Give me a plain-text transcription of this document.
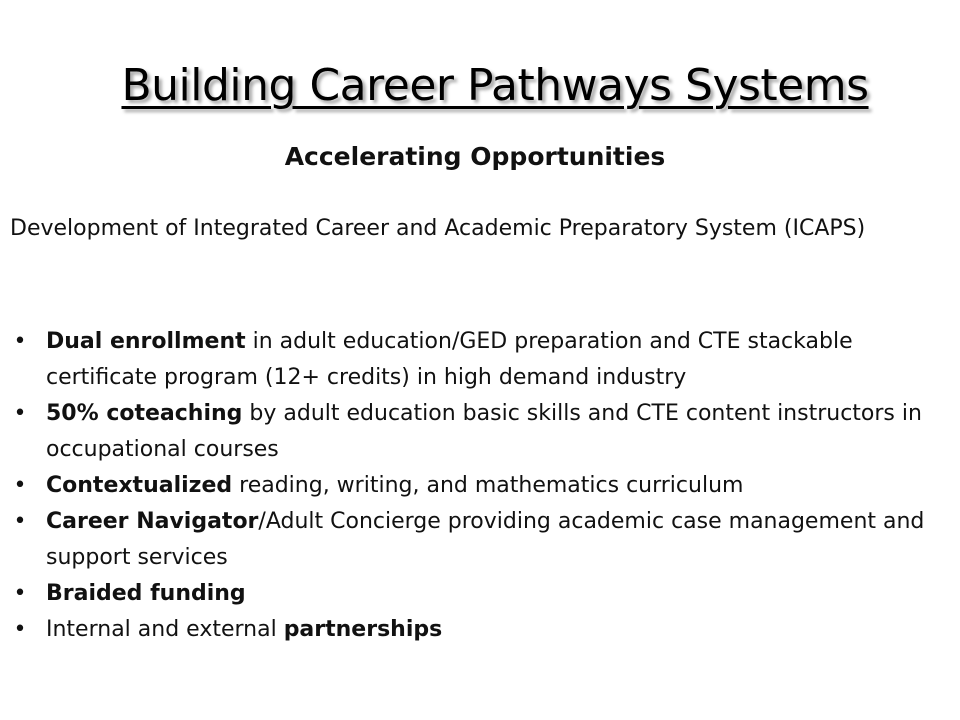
Building Career Pathways Systems
Accelerating Opportunities
Development of Integrated Career and Academic Preparatory System (ICAPS)
• Dual enrollment in adult education/GED preparation and CTE stackable certificate program (12+ credits) in high demand industry
• 50% coteaching by adult education basic skills and CTE content instructors in occupational courses
• Contextualized reading, writing, and mathematics curriculum
• Career Navigator/Adult Concierge providing academic case management and support services
• Braided funding
• Internal and external partnerships
